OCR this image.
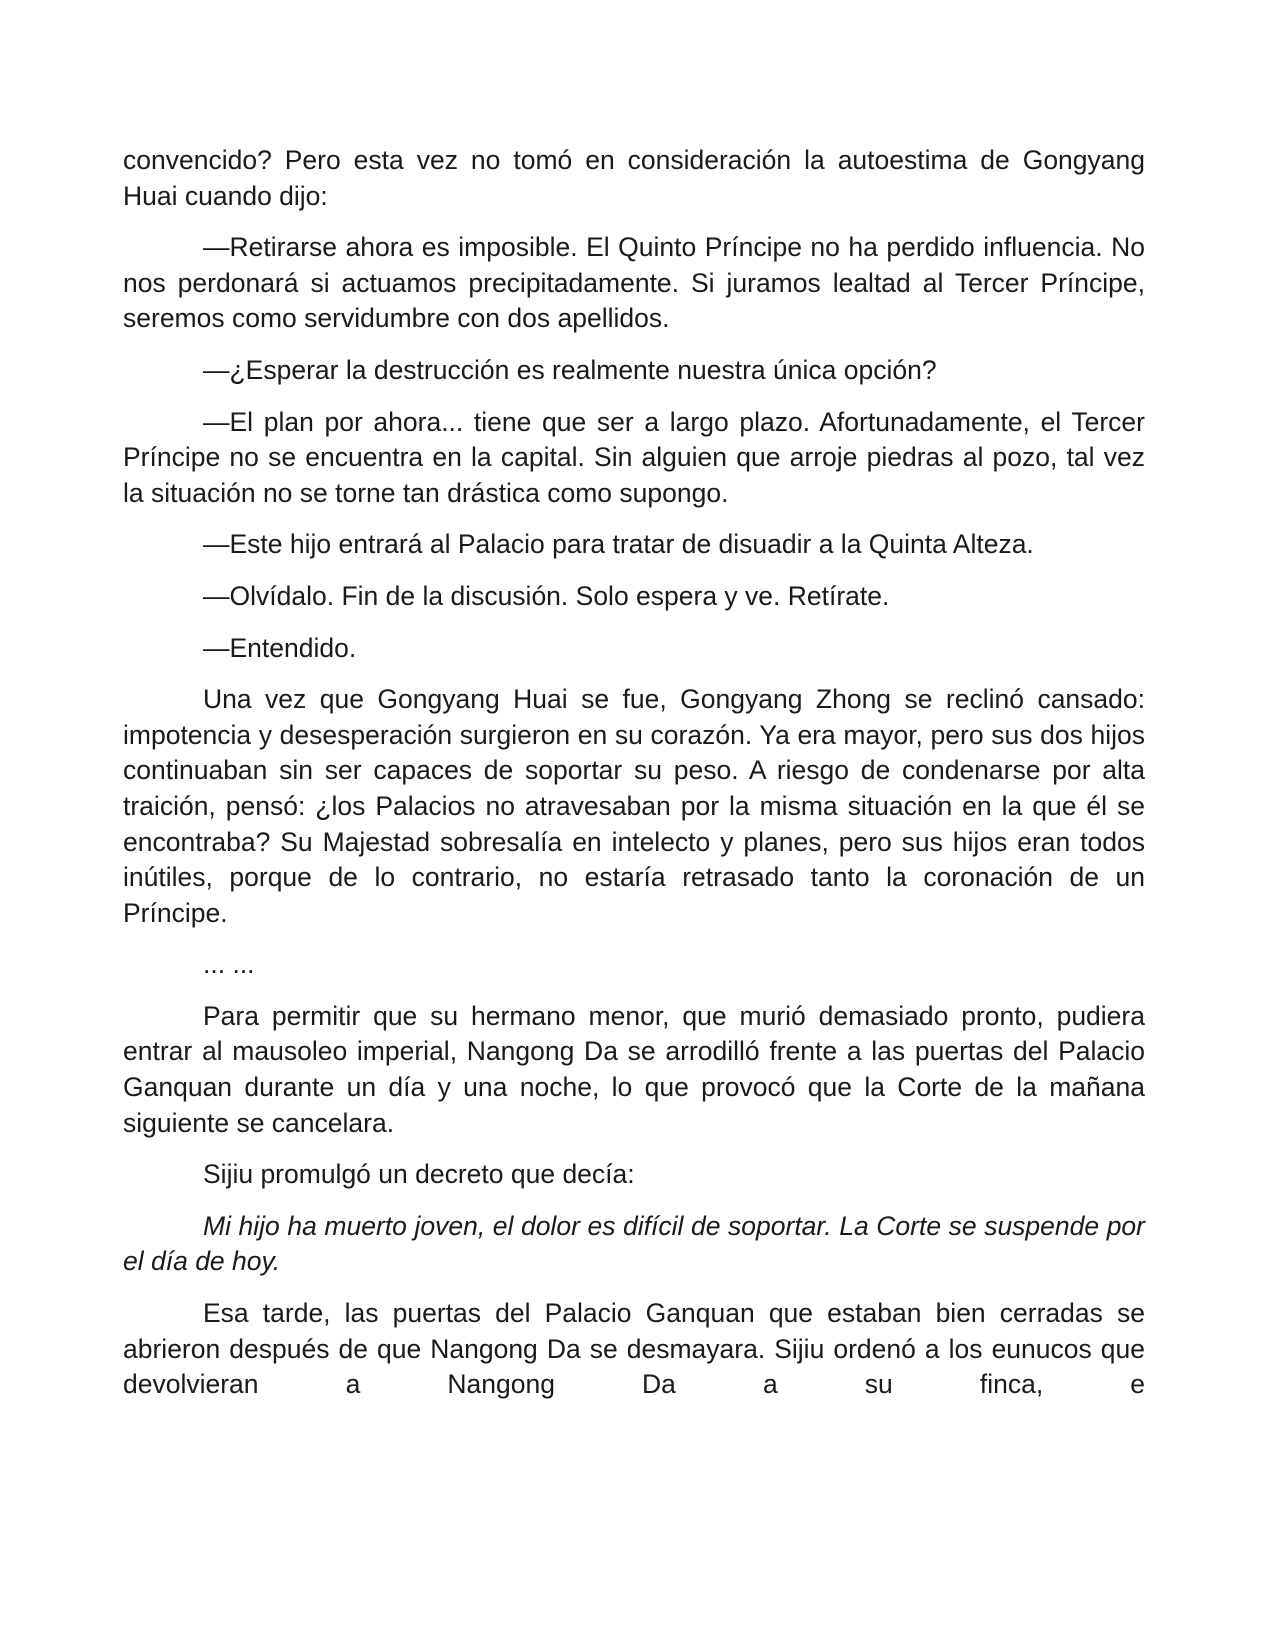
convencido? Pero esta vez no tomó en consideración la autoestima de Gongyang Huai cuando dijo:

—Retirarse ahora es imposible. El Quinto Príncipe no ha perdido influencia. No nos perdonará si actuamos precipitadamente. Si juramos lealtad al Tercer Príncipe, seremos como servidumbre con dos apellidos.

—¿Esperar la destrucción es realmente nuestra única opción?

—El plan por ahora... tiene que ser a largo plazo. Afortunadamente, el Tercer Príncipe no se encuentra en la capital. Sin alguien que arroje piedras al pozo, tal vez la situación no se torne tan drástica como supongo.

—Este hijo entrará al Palacio para tratar de disuadir a la Quinta Alteza.

—Olvídalo. Fin de la discusión. Solo espera y ve. Retírate.

—Entendido.

Una vez que Gongyang Huai se fue, Gongyang Zhong se reclinó cansado: impotencia y desesperación surgieron en su corazón. Ya era mayor, pero sus dos hijos continuaban sin ser capaces de soportar su peso. A riesgo de condenarse por alta traición, pensó: ¿los Palacios no atravesaban por la misma situación en la que él se encontraba? Su Majestad sobresalía en intelecto y planes, pero sus hijos eran todos inútiles, porque de lo contrario, no estaría retrasado tanto la coronación de un Príncipe.

... ...

Para permitir que su hermano menor, que murió demasiado pronto, pudiera entrar al mausoleo imperial, Nangong Da se arrodilló frente a las puertas del Palacio Ganquan durante un día y una noche, lo que provocó que la Corte de la mañana siguiente se cancelara.

Sijiu promulgó un decreto que decía:

Mi hijo ha muerto joven, el dolor es difícil de soportar. La Corte se suspende por el día de hoy.

Esa tarde, las puertas del Palacio Ganquan que estaban bien cerradas se abrieron después de que Nangong Da se desmayara. Sijiu ordenó a los eunucos que devolvieran a Nangong Da a su finca, e
